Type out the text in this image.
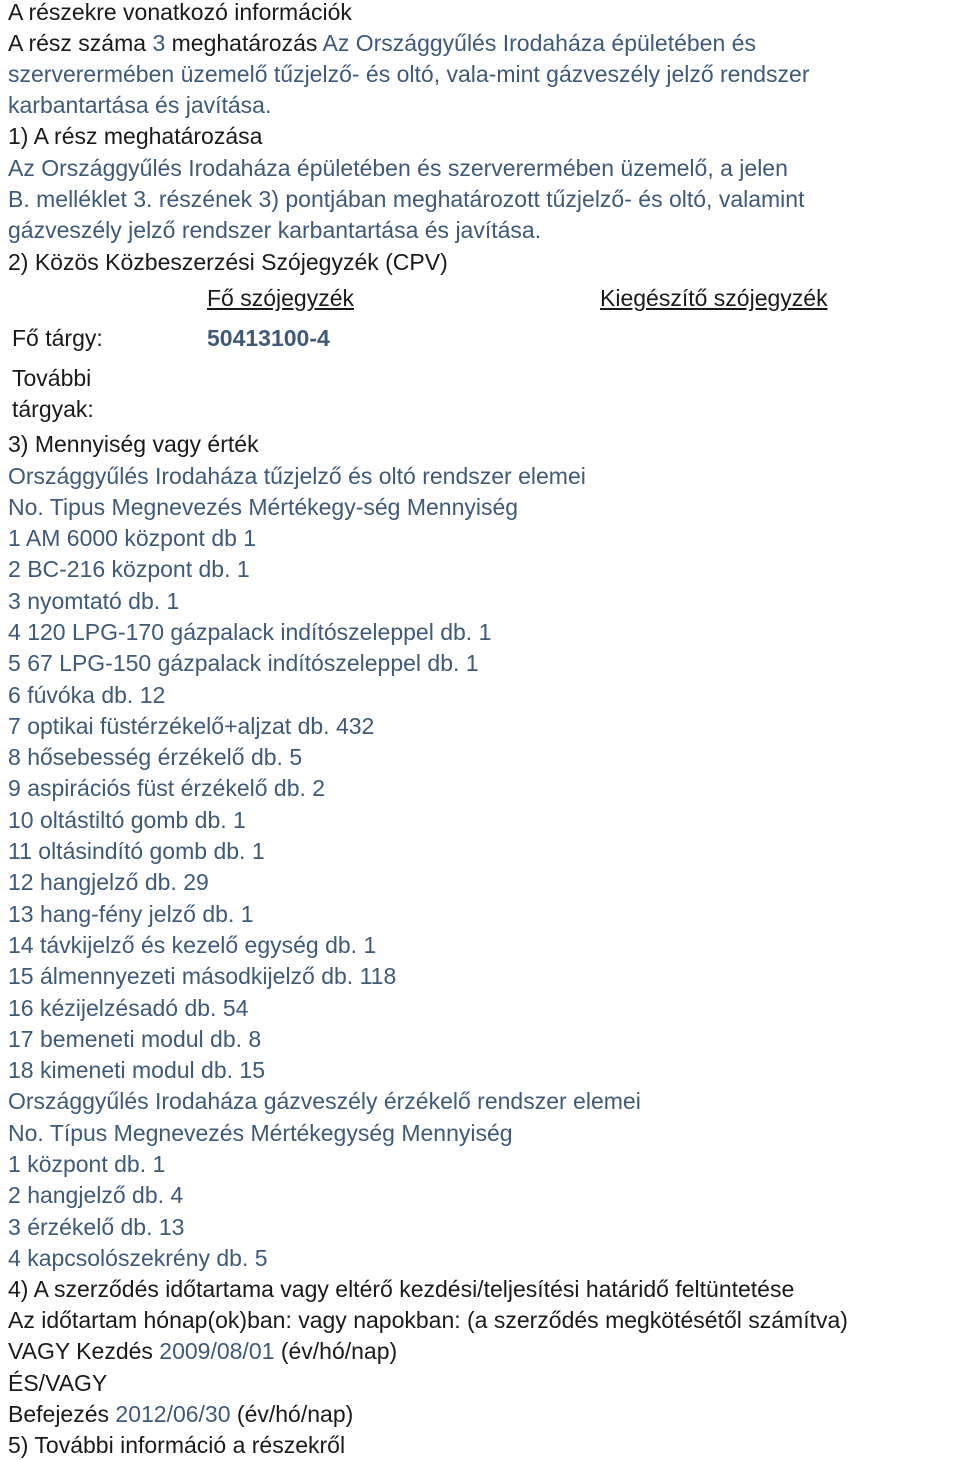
A részekre vonatkozó információk
A rész száma 3 meghatározás Az Országgyűlés Irodaháza épületében és
szerverermében üzemelő tűzjelző- és oltó, vala-mint gázveszély jelző rendszer
karbantartása és javítása.
1) A rész meghatározása
Az Országgyűlés Irodaháza épületében és szerverermében üzemelő, a jelen
B. melléklet 3. részének 3) pontjában meghatározott tűzjelző- és oltó, valamint
gázveszély jelző rendszer karbantartása és javítása.
2) Közös Közbeszerzési Szójegyzék (CPV)
Fő szójegyzék	Kiegészítő szójegyzék
Fő tárgy:	50413100-4
További
tárgyak:
3) Mennyiség vagy érték
Országgyűlés Irodaháza tűzjelző és oltó rendszer elemei
No. Tipus Megnevezés Mértékegy-ség Mennyiség
1 AM 6000 központ db 1
2 BC-216 központ db. 1
3 nyomtató db. 1
4 120 LPG-170 gázpalack indítószeleppel db. 1
5 67 LPG-150 gázpalack indítószeleppel db. 1
6 fúvóka db. 12
7 optikai füstérzékelő+aljzat db. 432
8 hősebesség érzékelő db. 5
9 aspirációs füst érzékelő db. 2
10 oltástiltó gomb db. 1
11 oltásindító gomb db. 1
12 hangjelző db. 29
13 hang-fény jelző db. 1
14 távkijelző és kezelő egység db. 1
15 álmennyezeti másodkijelző db. 118
16 kézijelzésadó db. 54
17 bemeneti modul db. 8
18 kimeneti modul db. 15
Országgyűlés Irodaháza gázveszély érzékelő rendszer elemei
No. Típus Megnevezés Mértékegység Mennyiség
1 központ db. 1
2 hangjelző db. 4
3 érzékelő db. 13
4 kapcsolószekrény db. 5
4) A szerződés időtartama vagy eltérő kezdési/teljesítési határidő feltüntetése
Az időtartam hónap(ok)ban: vagy napokban: (a szerződés megkötésétől számítva)
VAGY Kezdés 2009/08/01 (év/hó/nap)
ÉS/VAGY
Befejezés 2012/06/30 (év/hó/nap)
5) További információ a részekről
